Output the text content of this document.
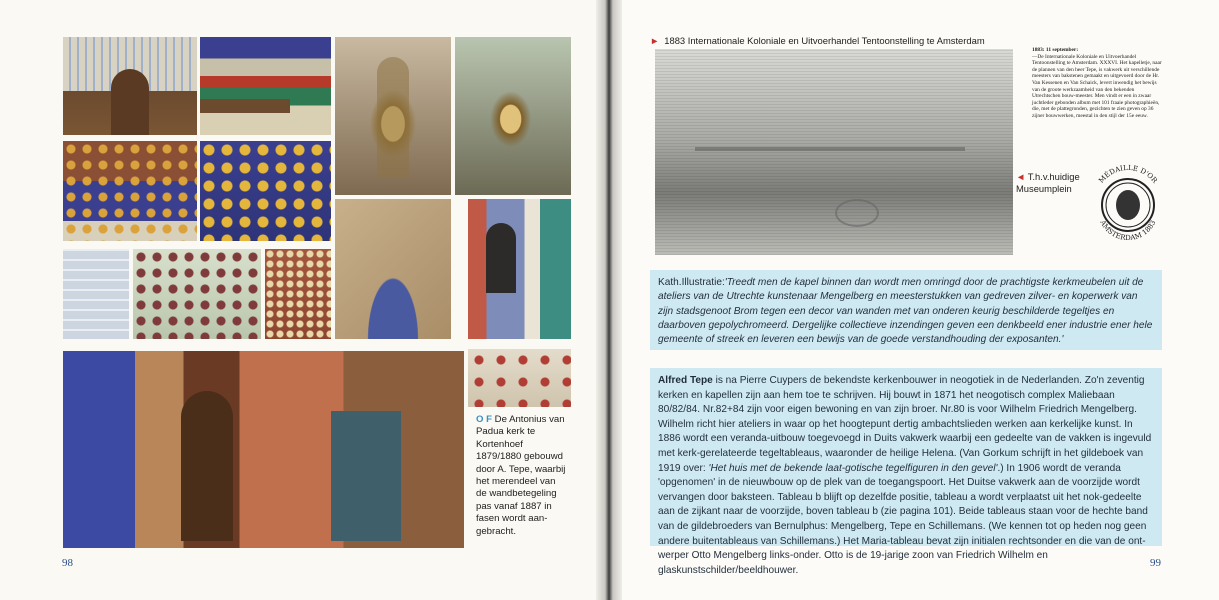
O F De Antonius van Padua kerk te Kortenhoef 1879/1880 gebouwd door A. Tepe, waarbij het merendeel van de wandbetegeling pas vanaf 1887 in fasen wordt aan-gebracht.
98
► 1883 Internationale Koloniale en Uitvoerhandel Tentoonstelling te Amsterdam
1883: 11 september:
—De Internationale Koloniale en Uitvoerhandel Tentoonstelling te Amsterdam. XXXVI. Het kapelletje, naar de plannen van den heer Tepe, is vakwerk uit verschillende meesters van bakstenen gemaakt en uitgevoerd door de Hr. Van Kessenen en Van Schaick, levert inwendig het bewijs van de groote werkzaamheid van den bekenden Utrechtschen bouw-meester. Men vindt er een in zwaar juchtleder gebonden album met 101 fraaie photographieën, die, met de plattegronden, gezichten te zien geven op 36 zijner bouwwerken, meestal in den stijl der 15e eeuw.
◄ T.h.v.huidige Museumplein
MÉDAILLE D'OR
AMSTERDAM 1883
Kath.Illustratie:'Treedt men de kapel binnen dan wordt men omringd door de prachtigste kerkmeubelen uit de ateliers van de Utrechte kunstenaar Mengelberg en meesterstukken van gedreven zilver- en koperwerk van zijn stadsgenoot Brom tegen een decor van wanden met van onderen keurig beschilderde tegeltjes en daarboven gepolychromeerd. Dergelijke collectieve inzendingen geven een denkbeeld ener industrie ener hele gemeente of streek en leveren een bewijs van de goede verstandhouding der exposanten.'
Alfred Tepe is na Pierre Cuypers de bekendste kerkenbouwer in neogotiek in de Nederlanden. Zo'n zeventig kerken en kapellen zijn aan hem toe te schrijven. Hij bouwt in 1871 het neogotisch complex Maliebaan 80/82/84. Nr.82+84 zijn voor eigen bewoning en van zijn broer. Nr.80 is voor Wilhelm Friedrich Mengelberg. Wilhelm richt hier ateliers in waar op het hoogtepunt dertig ambachtslieden werken aan kerkelijke kunst. In 1886 wordt een veranda-uitbouw toegevoegd in Duits vakwerk waarbij een gedeelte van de vakken is ingevuld met kerk-gerelateerde tegeltableaus, waaronder de heilige Helena. (Van Gorkum schrijft in het gildeboek van 1919 over: 'Het huis met de bekende laat-gotische tegelfiguren in den gevel'.) In 1906 wordt de veranda 'opgenomen' in de nieuwbouw op de plek van de toegangspoort. Het Duitse vakwerk aan de voorzijde wordt vervangen door baksteen. Tableau b blijft op dezelfde positie, tableau a wordt verplaatst uit het nok-gedeelte aan de zijkant naar de voorzijde, boven tableau b (zie pagina 101). Beide tableaus staan voor de hechte band van de gildebroeders van Bernulphus: Mengelberg, Tepe en Schillemans. (We kennen tot op heden nog geen andere buitentableaus van Schillemans.) Het Maria-tableau bevat zijn initialen rechtsonder en die van de ont-werper Otto Mengelberg links-onder. Otto is de 19-jarige zoon van Friedrich Wilhelm en glaskunstschilder/beeldhouwer.
99
